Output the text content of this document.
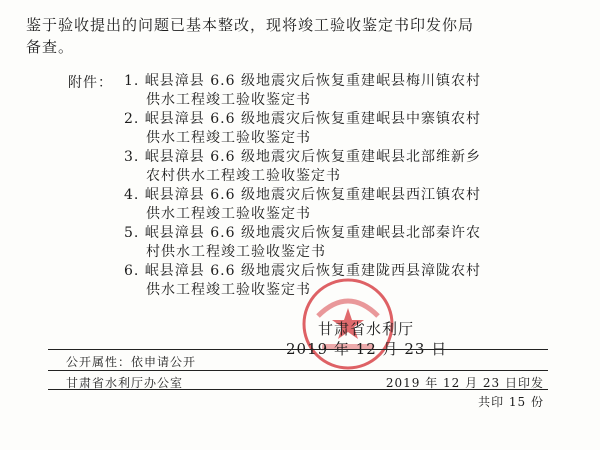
鉴于验收提出的问题已基本整改，现将竣工验收鉴定书印发你局
备查。
附件： 1. 岷县漳县 6.6 级地震灾后恢复重建岷县梅川镇农村
供水工程竣工验收鉴定书
2. 岷县漳县 6.6 级地震灾后恢复重建岷县中寨镇农村
供水工程竣工验收鉴定书
3. 岷县漳县 6.6 级地震灾后恢复重建岷县北部维新乡
农村供水工程竣工验收鉴定书
4. 岷县漳县 6.6 级地震灾后恢复重建岷县西江镇农村
供水工程竣工验收鉴定书
5. 岷县漳县 6.6 级地震灾后恢复重建岷县北部秦许农
村供水工程竣工验收鉴定书
6. 岷县漳县 6.6 级地震灾后恢复重建陇西县漳陇农村
供水工程竣工验收鉴定书
甘肃省水利厅
2019 年 12 月 23 日
公开属性：依申请公开
甘肃省水利厅办公室	2019 年 12 月 23 日印发
共印 15 份
